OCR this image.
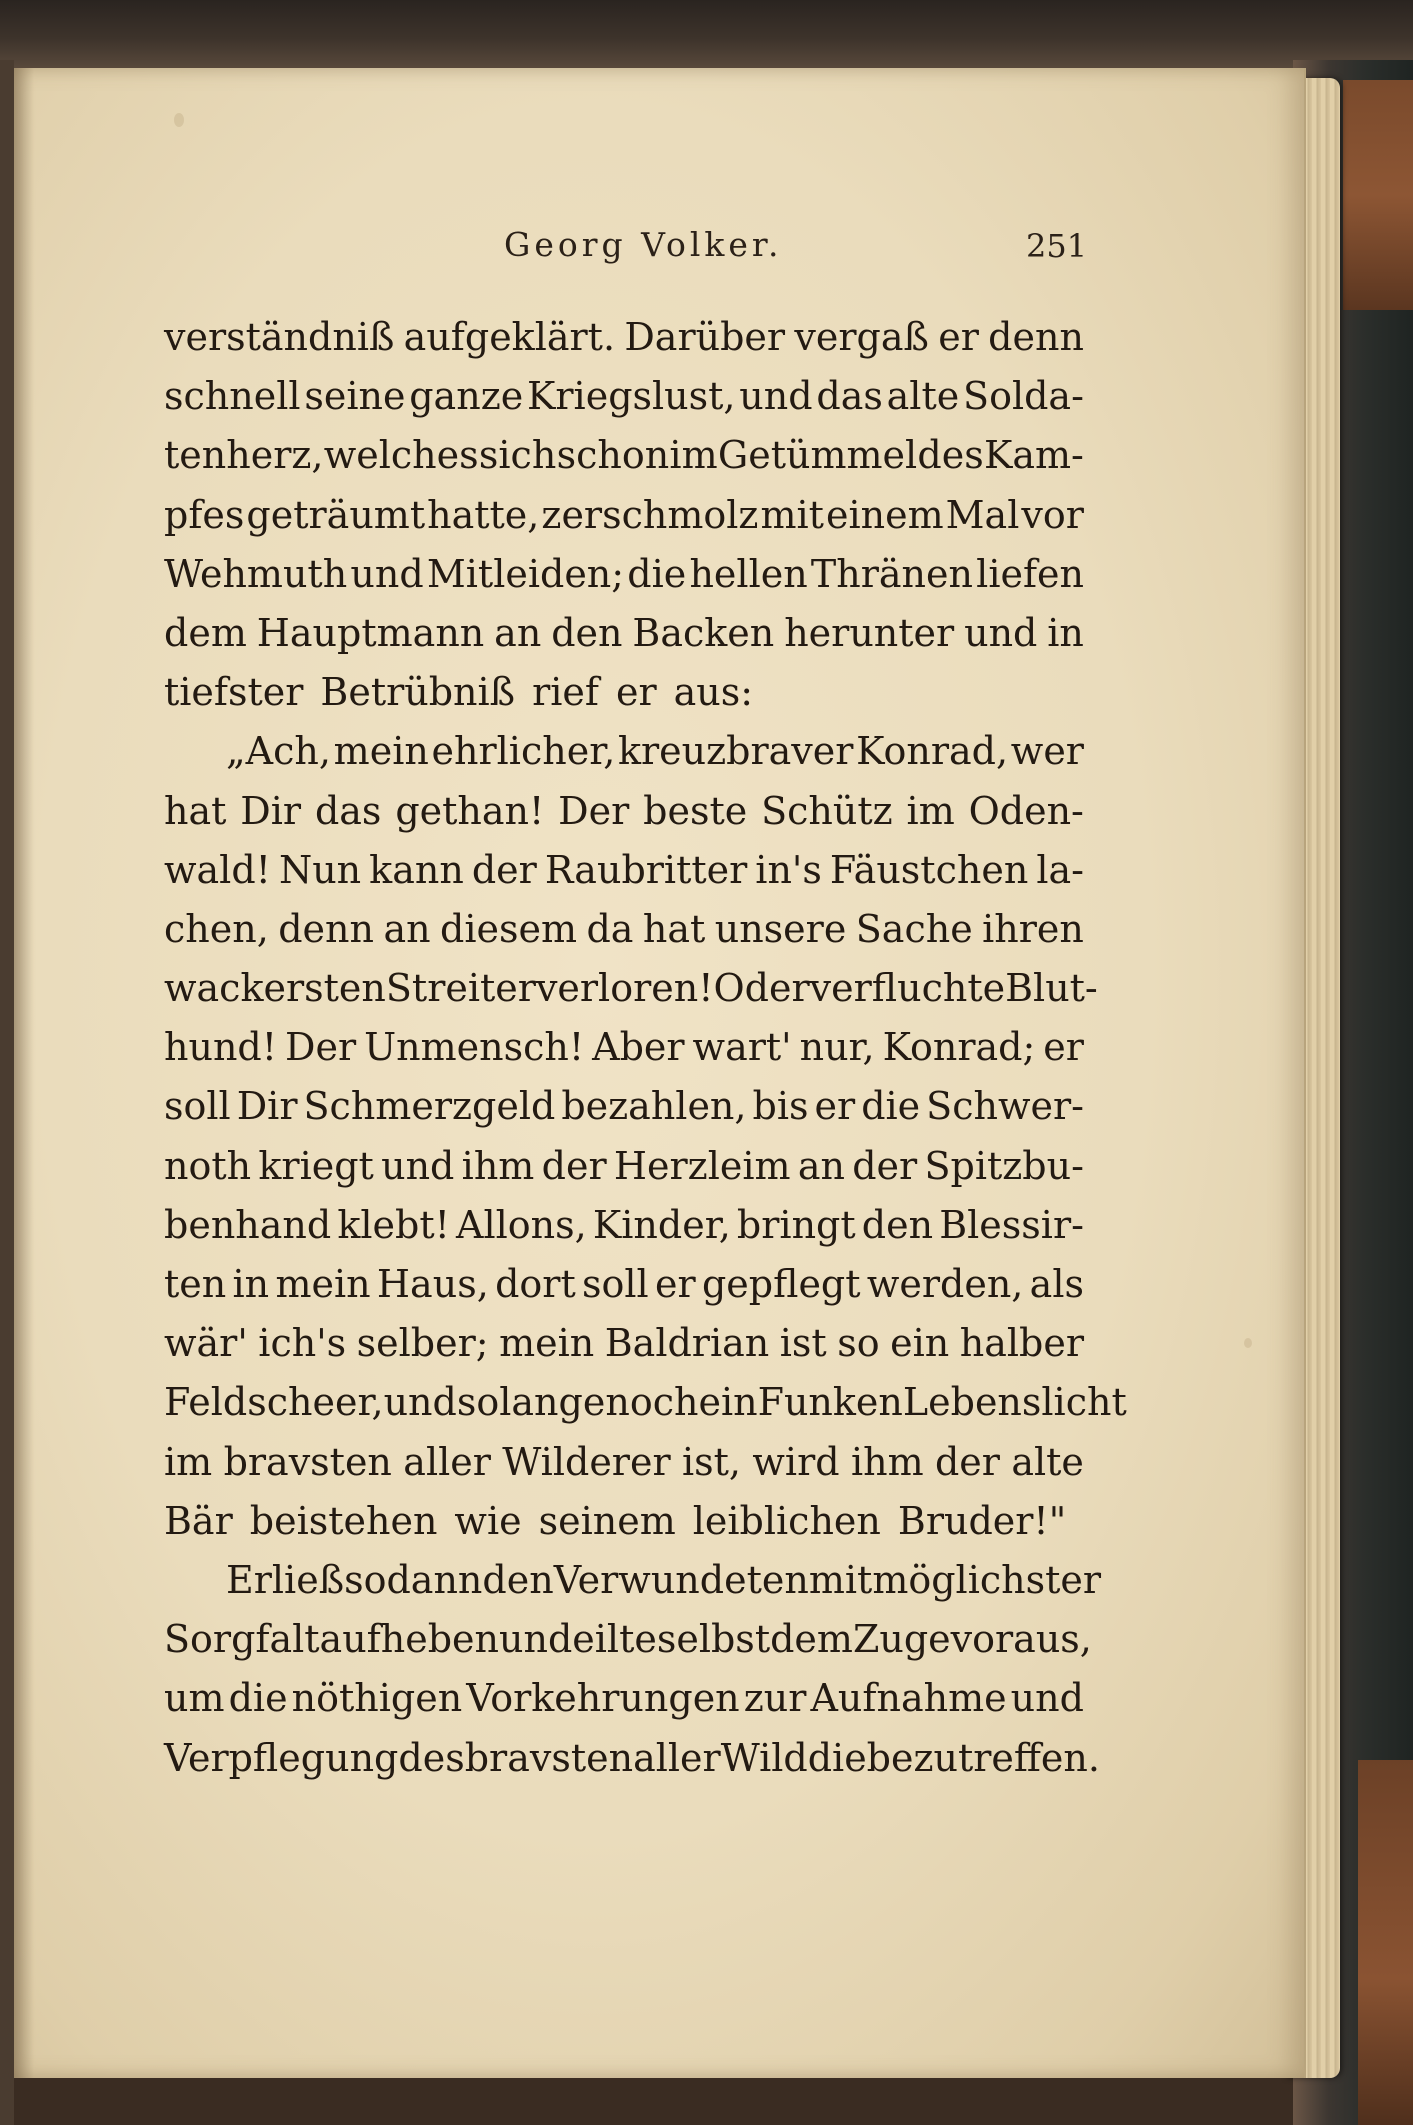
Georg Volker.	251
verständniß aufgeklärt. Darüber vergaß er denn
schnell seine ganze Kriegslust, und das alte Solda-
tenherz, welches sich schon im Getümmel des Kam-
pfes geträumt hatte, zerschmolz mit einem Mal vor
Wehmuth und Mitleiden; die hellen Thränen liefen
dem Hauptmann an den Backen herunter und in
tiefster Betrübniß rief er aus:
„Ach, mein ehrlicher, kreuzbraver Konrad, wer
hat Dir das gethan! Der beste Schütz im Oden-
wald! Nun kann der Raubritter in's Fäustchen la-
chen, denn an diesem da hat unsere Sache ihren
wackersten Streiter verloren! O der verfluchte Blut-
hund! Der Unmensch! Aber wart' nur, Konrad; er
soll Dir Schmerzgeld bezahlen, bis er die Schwer-
noth kriegt und ihm der Herzleim an der Spitzbu-
benhand klebt! Allons, Kinder, bringt den Blessir-
ten in mein Haus, dort soll er gepflegt werden, als
wär' ich's selber; mein Baldrian ist so ein halber
Feldscheer, und so lange noch ein Funken Lebenslicht
im bravsten aller Wilderer ist, wird ihm der alte
Bär beistehen wie seinem leiblichen Bruder!"
Er ließ sodann den Verwundeten mit möglichster
Sorgfalt aufheben und eilte selbst dem Zuge voraus,
um die nöthigen Vorkehrungen zur Aufnahme und
Verpflegung des bravsten aller Wilddiebe zu treffen.
